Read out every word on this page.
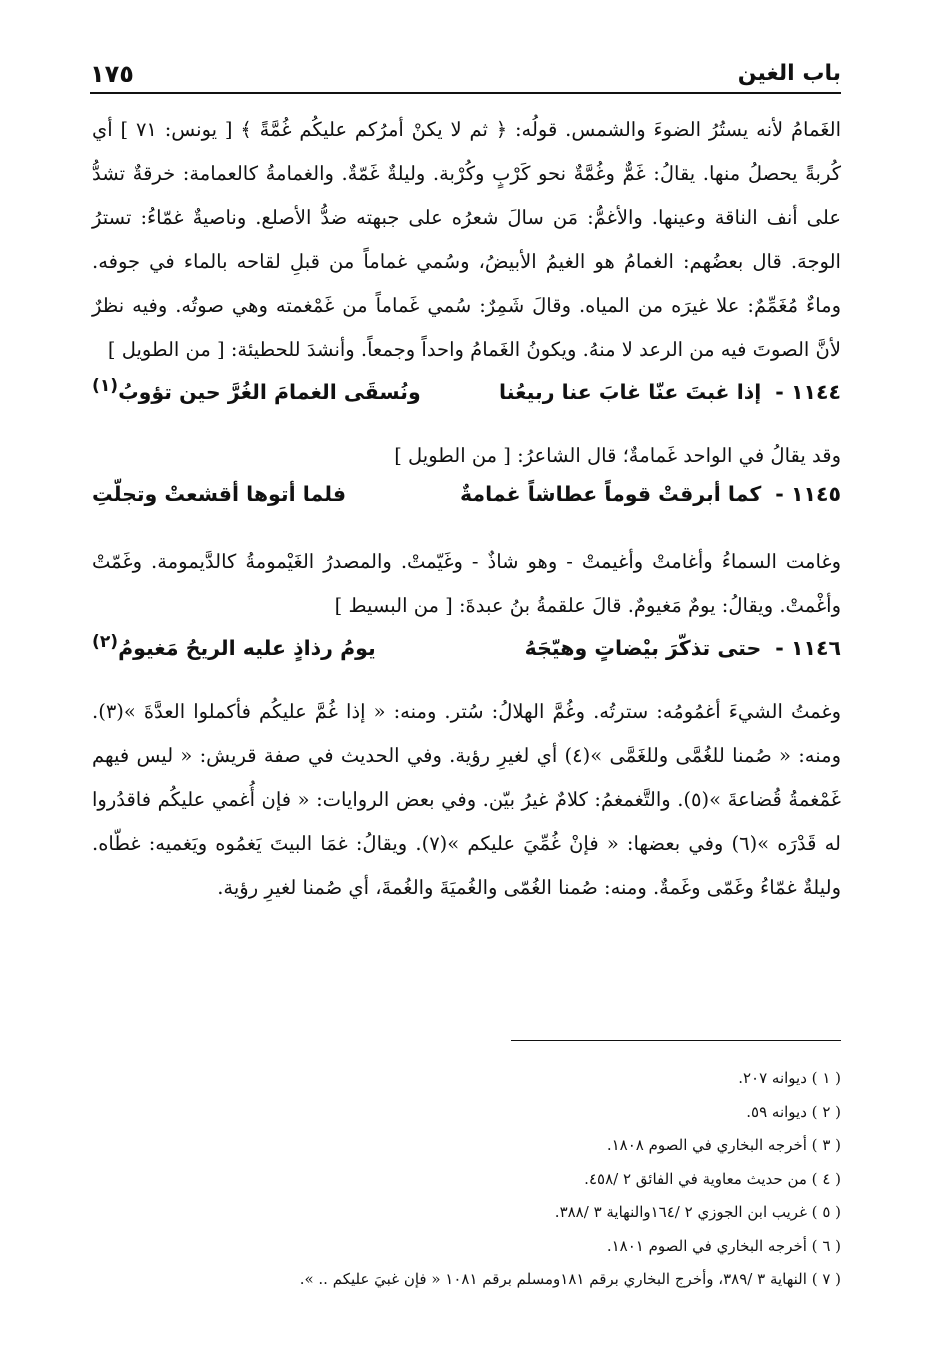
باب الغين
١٧٥

الغَمامُ لأنه يستُرُ الضوءَ والشمس. قولُه: ﴿ ثم لا يكنْ أمرُكم عليكُم غُمَّةً ﴾ [ يونس: ٧١ ] أي كُربةً يحصلُ منها. يقالُ: غَمٌّ وغُمَّةٌ نحو كَرْبٍ وكُرْبة. وليلةٌ غَمّةٌ. والغمامةُ كالعمامة: خرقةٌ تشدُّ على أنف الناقة وعينها. والأغمُّ: مَن سالَ شعرُه على جبهته ضدُّ الأصلع. وناصيةٌ غمّاءُ: تسترُ الوجهَ. قال بعضُهم: الغمامُ هو الغيمُ الأبيضُ، وسُمي غماماً من قبلِ لقاحه بالماء في جوفه. وماءٌ مُغَمِّمٌ: علا غيرَه من المياه. وقالَ شَمِرٌ: سُمي غَماماً من غَمْغمته وهي صوتُه. وفيه نظرٌ لأنَّ الصوتَ فيه من الرعد لا منهُ. ويكونُ الغَمامُ واحداً وجمعاً. وأنشدَ للحطيئة: [ من الطويل ]

١١٤٤ -
إذا غبتَ عنّا غابَ عنا ربيعُنا
ونُسقَى الغمامَ الغُرَّ حين تؤوبُ$^{(١)}$

وقد يقالُ في الواحد غَمامةٌ؛ قال الشاعرُ: [ من الطويل ]

١١٤٥ -
كما أبرقتْ قوماً عطاشاً غمامةٌ
فلما أتوها أقشعتْ وتجلّتِ

وغامت السماءُ وأغامتْ وأغيمتْ - وهو شاذٌ - وغَيّمتْ. والمصدرُ الغَيْمومةُ كالدَّيمومة. وغَمّتْ وأغْمتْ. ويقالُ: يومٌ مَغيومٌ. قالَ علقمةُ بنُ عبدةَ: [ من البسيط ]

١١٤٦ -
حتى تذكّرَ بيْضاتٍ وهيّجَهُ
يومُ رذاذٍ عليه الريحُ مَغيومُ$^{(٢)}$

وغمتُ الشيءَ أغمُومُه: سترتُه. وغُمَّ الهلالُ: سُتر. ومنه: « إذا غُمَّ عليكُم فأكملوا العدَّةَ »(٣). ومنه: « صُمنا للغُمَّى وللغَمَّى »(٤) أي لغيرِ رؤية. وفي الحديث في صفة قريش: « ليس فيهم غَمْغمةُ قُضاعةَ »(٥). والتَّغمغمُ: كلامٌ غيرُ بيّن. وفي بعض الروايات: « فإن أُغمي عليكُم فاقدُروا له قَدْرَه »(٦) وفي بعضها: « فإنْ غُمِّيَ عليكم »(٧). ويقالُ: غمَا البيتَ يَغمُوه ويَغميه: غطّاه. وليلةٌ غمّاءُ وغَمّى وغَمةٌ. ومنه: صُمنا الغُمّى والغُميَةَ والغُمةَ، أي صُمنا لغيرِ رؤية.

( ١ ) ديوانه ٢٠٧.

( ٢ ) ديوانه ٥٩.

( ٣ ) أخرجه البخاري في الصوم ١٨٠٨.

( ٤ ) من حديث معاوية في الفائق ٢ /٤٥٨.

( ٥ ) غريب ابن الجوزي ٢ /١٦٤والنهاية ٣ /٣٨٨.

( ٦ ) أخرجه البخاري في الصوم ١٨٠١.

( ٧ ) النهاية ٣ /٣٨٩، وأخرج البخاري برقم ١٨١ومسلم برقم ١٠٨١ « فإن غبيَ عليكم .. ».
